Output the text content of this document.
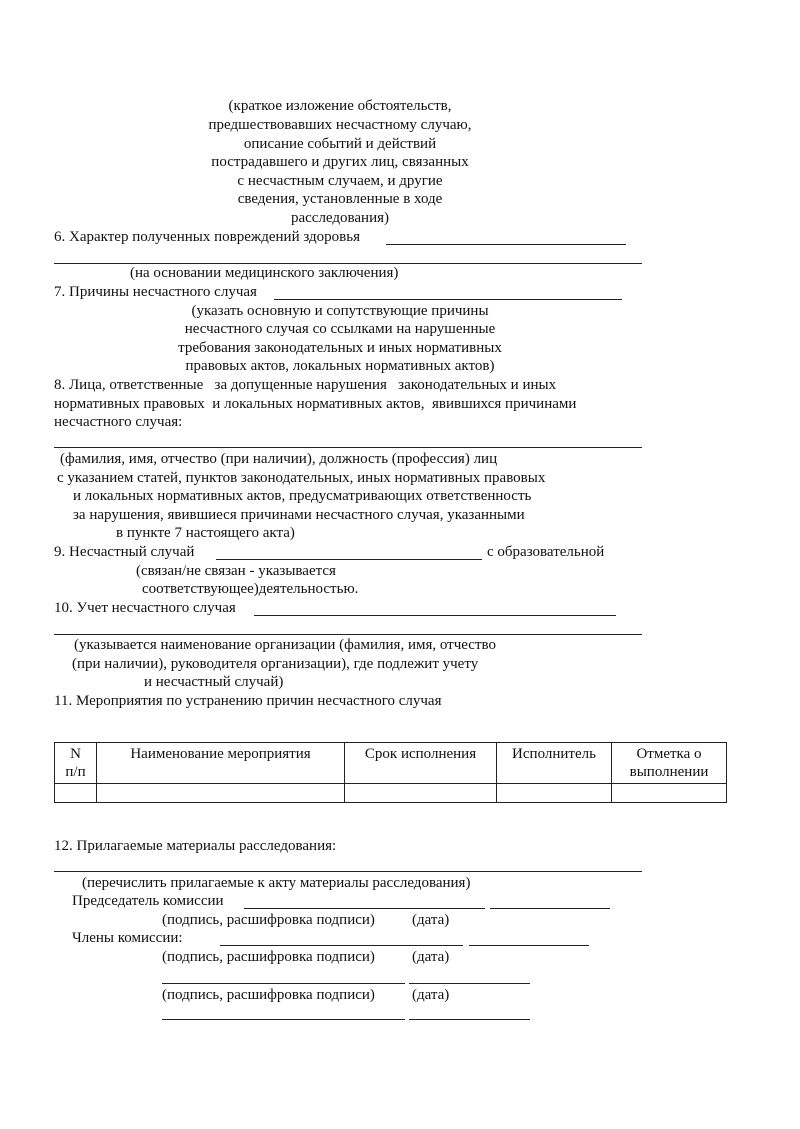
(краткое изложение обстоятельств,
предшествовавших несчастному случаю,
описание событий и действий
пострадавшего и других лиц, связанных
с несчастным случаем, и другие
сведения, установленные в ходе
расследования)
6. Характер полученных повреждений здоровья
(на основании медицинского заключения)
7. Причины несчастного случая
(указать основную и сопутствующие причины
несчастного случая со ссылками на нарушенные
требования законодательных и иных нормативных
правовых актов, локальных нормативных актов)
8. Лица, ответственные   за допущенные нарушения   законодательных и иных
нормативных правовых  и локальных нормативных актов,  явившихся причинами
несчастного случая:
(фамилия, имя, отчество (при наличии), должность (профессия) лиц
с указанием статей, пунктов законодательных, иных нормативных правовых
и локальных нормативных актов, предусматривающих ответственность
за нарушения, явившиеся причинами несчастного случая, указанными
в пункте 7 настоящего акта)
9. Несчастный случай	с образовательной
(связан/не связан - указывается
соответствующее)деятельностью.
10. Учет несчастного случая
(указывается наименование организации (фамилия, имя, отчество
(при наличии), руководителя организации), где подлежит учету
и несчастный случай)
11. Мероприятия по устранению причин несчастного случая
N
п/п	Наименование мероприятия	Срок исполнения	Исполнитель	Отметка о
выполнении

12. Прилагаемые материалы расследования:
(перечислить прилагаемые к акту материалы расследования)
Председатель комиссии
(подпись, расшифровка подписи) (дата)
Члены комиссии:
(подпись, расшифровка подписи) (дата)
(подпись, расшифровка подписи) (дата)
